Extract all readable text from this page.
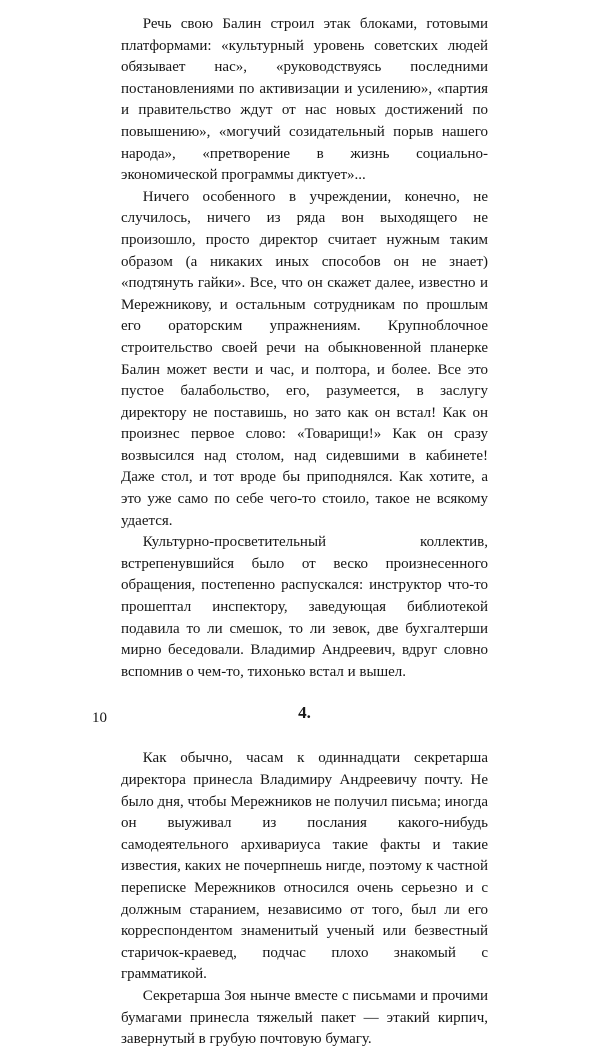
Речь свою Балин строил этак блоками, готовыми платформами: «культурный уровень советских людей обязывает нас», «руководствуясь последними постановлениями по активизации и усилению», «партия и правительство ждут от нас новых достижений по повышению», «могучий созидательный порыв нашего народа», «претворение в жизнь социально-экономической программы диктует»...

Ничего особенного в учреждении, конечно, не случилось, ничего из ряда вон выходящего не произошло, просто директор считает нужным таким образом (а никаких иных способов он не знает) «подтянуть гайки». Все, что он скажет далее, известно и Мережникову, и остальным сотрудникам по прошлым его ораторским упражнениям. Крупноблочное строительство своей речи на обыкновенной планерке Балин может вести и час, и полтора, и более. Все это пустое балабольство, его, разумеется, в заслугу директору не поставишь, но зато как он встал! Как он произнес первое слово: «Товарищи!» Как он сразу возвысился над столом, над сидевшими в кабинете! Даже стол, и тот вроде бы приподнялся. Как хотите, а это уже само по себе чего-то стоило, такое не всякому удается.

Культурно-просветительный коллектив, встрепенувшийся было от веско произнесенного обращения, постепенно распускался: инструктор что-то прошептал инспектору, заведующая библиотекой подавила то ли смешок, то ли зевок, две бухгалтерши мирно беседовали. Владимир Андреевич, вдруг словно вспомнив о чем-то, тихонько встал и вышел.

4.

Как обычно, часам к одиннадцати секретарша директора принесла Владимиру Андреевичу почту. Не было дня, чтобы Мережников не получил письма; иногда он выуживал из послания какого-нибудь самодеятельного архивариуса такие факты и такие известия, каких не почерпнешь нигде, поэтому к частной переписке Мережников относился очень серьезно и с должным старанием, независимо от того, был ли его корреспондентом знаменитый ученый или безвестный старичок-краевед, подчас плохо знакомый с грамматикой.

Секретарша Зоя нынче вместе с письмами и прочими бумагами принесла тяжелый пакет — этакий кирпич, завернутый в грубую почтовую бумагу.

10
